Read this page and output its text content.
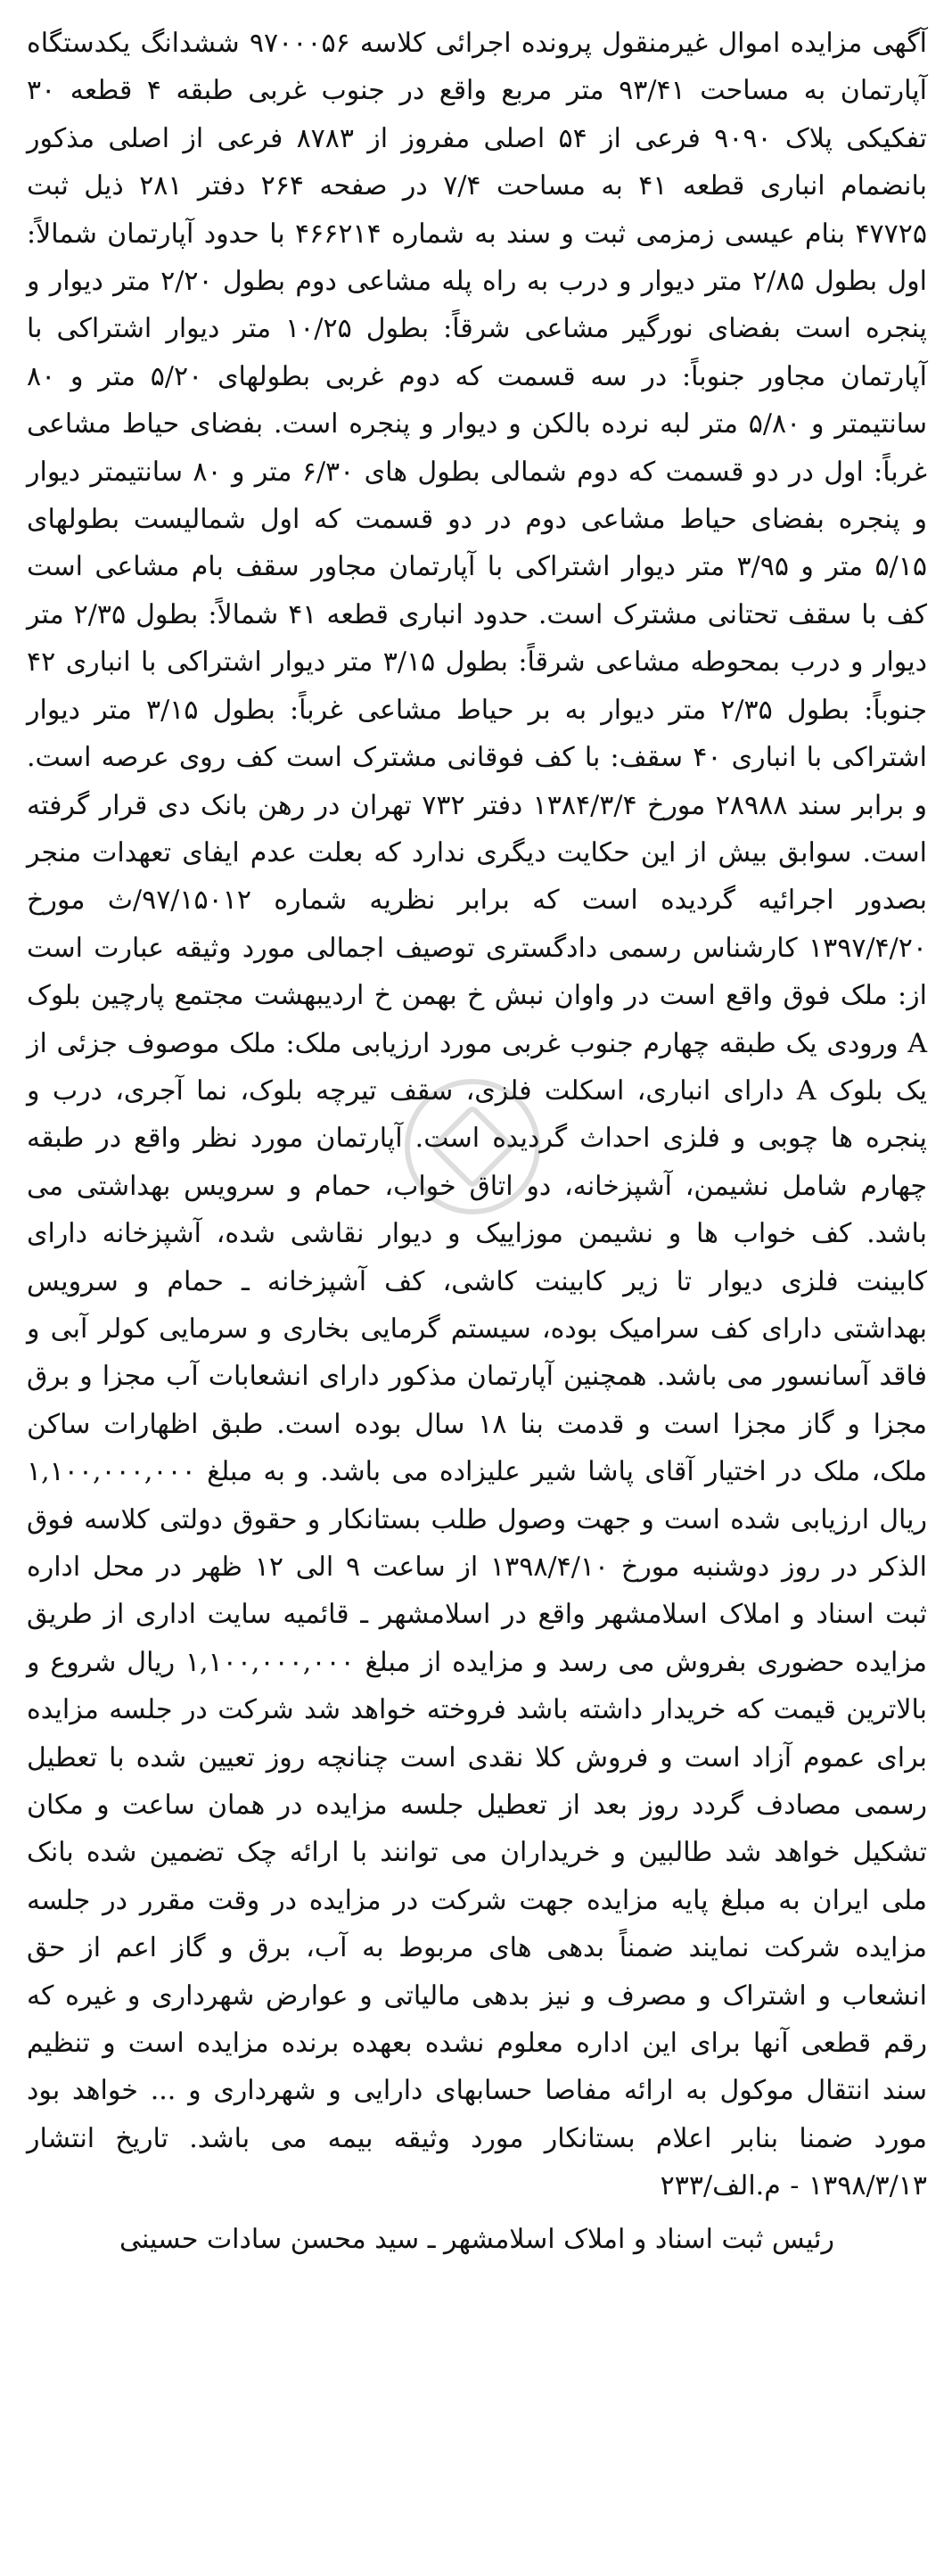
آگهی مزایده اموال غیرمنقول پرونده اجرائی کلاسه ۹۷۰۰۰۵۶ ششدانگ یکدستگاه آپارتمان به مساحت ۹۳/۴۱ متر مربع واقع در جنوب غربی طبقه ۴ قطعه ۳۰ تفکیکی پلاک ۹۰۹۰ فرعی از ۵۴ اصلی مفروز از ۸۷۸۳ فرعی از اصلی مذکور بانضمام انباری قطعه ۴۱ به مساحت ۷/۴ در صفحه ۲۶۴ دفتر ۲۸۱ ذیل ثبت ۴۷۷۲۵ بنام عیسی زمزمی ثبت و سند به شماره ۴۶۶۲۱۴ با حدود آپارتمان شمالاً: اول بطول ۲/۸۵ متر دیوار و درب به راه پله مشاعی دوم بطول ۲/۲۰ متر دیوار و پنجره است بفضای نورگیر مشاعی شرقاً: بطول ۱۰/۲۵ متر دیوار اشتراکی با آپارتمان مجاور جنوباً: در سه قسمت که دوم غربی بطولهای ۵/۲۰ متر و ۸۰ سانتیمتر و ۵/۸۰ متر لبه نرده بالکن و دیوار و پنجره است. بفضای حیاط مشاعی غرباً: اول در دو قسمت که دوم شمالی بطول های ۶/۳۰ متر و ۸۰ سانتیمتر دیوار و پنجره بفضای حیاط مشاعی دوم در دو قسمت که اول شمالیست بطولهای ۵/۱۵ متر و ۳/۹۵ متر دیوار اشتراکی با آپارتمان مجاور سقف بام مشاعی است کف با سقف تحتانی مشترک است. حدود انباری قطعه ۴۱ شمالاً: بطول ۲/۳۵ متر دیوار و درب بمحوطه مشاعی شرقاً: بطول ۳/۱۵ متر دیوار اشتراکی با انباری ۴۲ جنوباً: بطول ۲/۳۵ متر دیوار به بر حیاط مشاعی غرباً: بطول ۳/۱۵ متر دیوار اشتراکی با انباری ۴۰ سقف: با کف فوقانی مشترک است کف روی عرصه است. و برابر سند ۲۸۹۸۸ مورخ ۱۳۸۴/۳/۴ دفتر ۷۳۲ تهران در رهن بانک دی قرار گرفته است. سوابق بیش از این حکایت دیگری ندارد که بعلت عدم ایفای تعهدات منجر بصدور اجرائیه گردیده است که برابر نظریه شماره ۹۷/۱۵۰۱۲/ث مورخ ۱۳۹۷/۴/۲۰ کارشناس رسمی دادگستری توصیف اجمالی مورد وثیقه عبارت است از: ملک فوق واقع است در واوان نبش خ بهمن خ اردیبهشت مجتمع پارچین بلوک A ورودی یک طبقه چهارم جنوب غربی مورد ارزیابی ملک: ملک موصوف جزئی از یک بلوک A دارای انباری، اسکلت فلزی، سقف تیرچه بلوک، نما آجری، درب و پنجره ها چوبی و فلزی احداث گردیده است. آپارتمان مورد نظر واقع در طبقه چهارم شامل نشیمن، آشپزخانه، دو اتاق خواب، حمام و سرویس بهداشتی می باشد. کف خواب ها و نشیمن موزاییک و دیوار نقاشی شده، آشپزخانه دارای کابینت فلزی دیوار تا زیر کابینت کاشی، کف آشپزخانه ـ حمام و سرویس بهداشتی دارای کف سرامیک بوده، سیستم گرمایی بخاری و سرمایی کولر آبی و فاقد آسانسور می باشد. همچنین آپارتمان مذکور دارای انشعابات آب مجزا و برق مجزا و گاز مجزا است و قدمت بنا ۱۸ سال بوده است. طبق اظهارات ساکن ملک، ملک در اختیار آقای پاشا شیر علیزاده می باشد. و به مبلغ ۱,۱۰۰,۰۰۰,۰۰۰ ریال ارزیابی شده است و جهت وصول طلب بستانکار و حقوق دولتی کلاسه فوق الذکر در روز دوشنبه مورخ ۱۳۹۸/۴/۱۰ از ساعت ۹ الی ۱۲ ظهر در محل اداره ثبت اسناد و املاک اسلامشهر واقع در اسلامشهر ـ قائمیه سایت اداری از طریق مزایده حضوری بفروش می رسد و مزایده از مبلغ ۱,۱۰۰,۰۰۰,۰۰۰ ریال شروع و بالاترین قیمت که خریدار داشته باشد فروخته خواهد شد شرکت در جلسه مزایده برای عموم آزاد است و فروش کلا نقدی است چنانچه روز تعیین شده با تعطیل رسمی مصادف گردد روز بعد از تعطیل جلسه مزایده در همان ساعت و مکان تشکیل خواهد شد طالبین و خریداران می توانند با ارائه چک تضمین شده بانک ملی ایران به مبلغ پایه مزایده جهت شرکت در مزایده در وقت مقرر در جلسه مزایده شرکت نمایند ضمناً بدهی های مربوط به آب، برق و گاز اعم از حق انشعاب و اشتراک و مصرف و نیز بدهی مالیاتی و عوارض شهرداری و غیره که رقم قطعی آنها برای این اداره معلوم نشده بعهده برنده مزایده است و تنظیم سند انتقال موکول به ارائه مفاصا حسابهای دارایی و شهرداری و ... خواهد بود مورد ضمنا بنابر اعلام بستانکار مورد وثیقه بیمه می باشد. تاریخ انتشار ۱۳۹۸/۳/۱۳ - م.الف/۲۳۳

رئیس ثبت اسناد و املاک اسلامشهر ـ سید محسن سادات حسینی
